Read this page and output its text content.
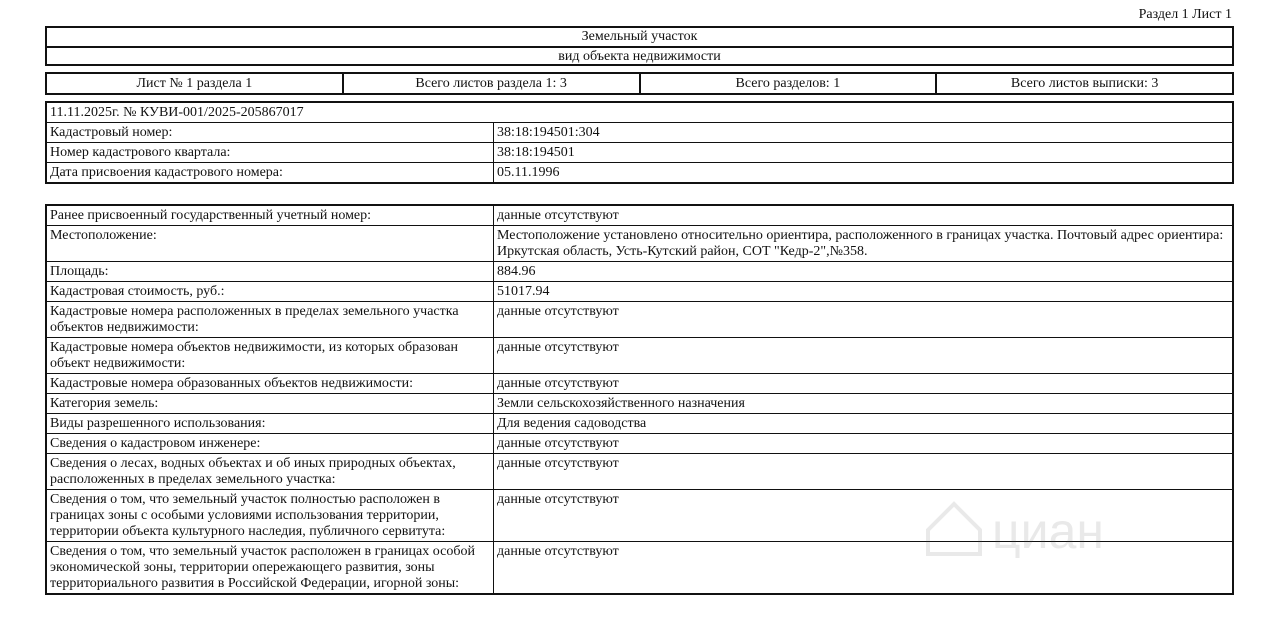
Раздел 1 Лист 1
Земельный участок
вид объекта недвижимости
Лист № 1 раздела 1	Всего листов раздела 1: 3	Всего разделов: 1	Всего листов выписки: 3
11.11.2025г. № КУВИ-001/2025-205867017
Кадастровый номер:	38:18:194501:304
Номер кадастрового квартала:	38:18:194501
Дата присвоения кадастрового номера:	05.11.1996
Ранее присвоенный государственный учетный номер:	данные отсутствуют
Местоположение:	Местоположение установлено относительно ориентира, расположенного в границах участка. Почтовый адрес ориентира: Иркутская область, Усть-Кутский район, СОТ "Кедр-2",№358.
Площадь:	884.96
Кадастровая стоимость, руб.:	51017.94
Кадастровые номера расположенных в пределах земельного участка объектов недвижимости:
данные отсутствуют
Кадастровые номера объектов недвижимости, из которых образован объект недвижимости:
данные отсутствуют
Кадастровые номера образованных объектов недвижимости:	данные отсутствуют
Категория земель:	Земли сельскохозяйственного назначения
Виды разрешенного использования:	Для ведения садоводства
Сведения о кадастровом инженере:	данные отсутствуют
Сведения о лесах, водных объектах и об иных природных объектах, расположенных в пределах земельного участка:
данные отсутствуют
Сведения о том, что земельный участок полностью расположен в границах зоны с особыми условиями использования территории, территории объекта культурного наследия, публичного сервитута:
данные отсутствуют
Сведения о том, что земельный участок расположен в границах особой экономической зоны, территории опережающего развития, зоны территориального развития в Российской Федерации, игорной зоны:
данные отсутствуют	циан
